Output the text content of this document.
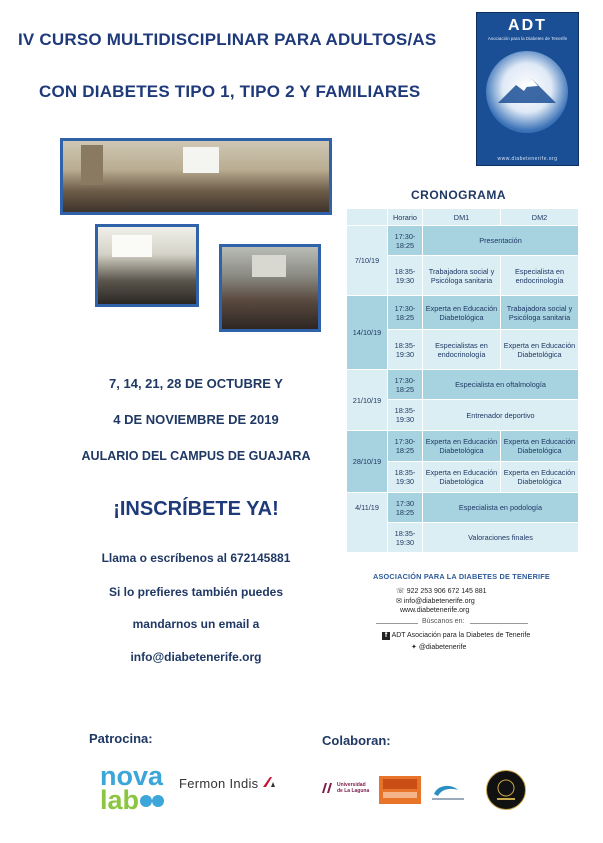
IV CURSO MULTIDISCIPLINAR PARA ADULTOS/AS
CON DIABETES TIPO 1, TIPO 2 Y FAMILIARES
ADT
Asociación para la Diabetes de Tenerife
www.diabetenerife.org
7, 14, 21, 28 DE OCTUBRE Y
4 DE NOVIEMBRE DE 2019
AULARIO DEL CAMPUS DE GUAJARA
¡INSCRÍBETE YA!
Llama o escríbenos al 672145881
Si lo prefieres también puedes
mandarnos un email a
info@diabetenerife.org
CRONOGRAMA
	Horario	DM1	DM2
7/10/19	17:30-18:25	Presentación	
	18:35-19:30	Trabajadora social y Psicóloga sanitaria	Especialista en endocrinología
14/10/19	17:30-18:25	Experta en Educación Diabetológica	Trabajadora social y Psicóloga sanitaria
	18:35-19:30	Especialistas en endocrinología	Experta en Educación Diabetológica
21/10/19	17:30-18:25	Especialista en oftalmología	
	18:35-19:30	Entrenador deportivo	
28/10/19	17:30-18:25	Experta en Educación Diabetológica	Experta en Educación Diabetológica
	18:35-19:30	Experta en Educación Diabetológica	Experta en Educación Diabetológica
4/11/19	17:30 18:25	Especialista en podología	
	18:35-19:30	Valoraciones finales	
ASOCIACIÓN PARA LA DIABETES DE TENERIFE
☏ 922 253 906 672 145 881
✉ info@diabetenerife.org
www.diabetenerife.org
Búscanos en:
f ADT Asociación para la Diabetes de Tenerife
✦ @diabetenerife
Patrocina:
nova
lab
Fermon Indis
Colaboran:
Universidad
de La Laguna
